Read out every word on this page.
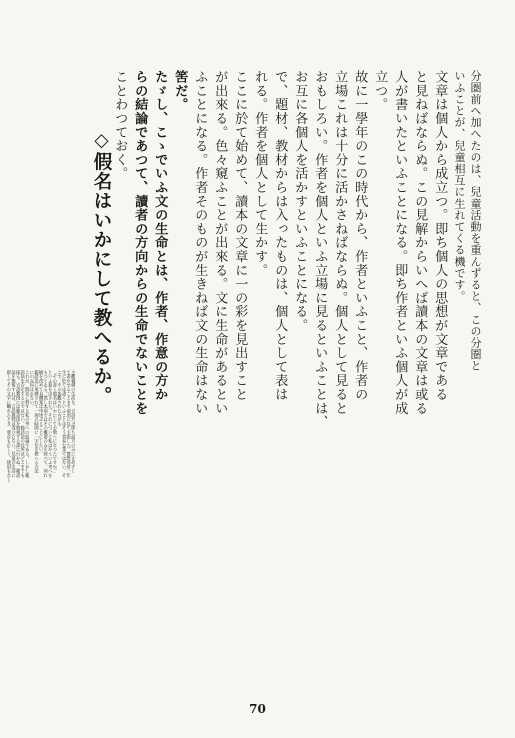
分圏前へ加へたのは、兒童活動を重んずると、この分圏と
いふことが、兒童相互に生れてくる機です。
文章は個人から成立つ。即ち個人の思想が文章である
と見ねばならぬ。この見解からいへば讀本の文章は或る
人が書いたといふことになる。即ち作者といふ個人が成
立つ。
故に一學年のこの時代から、作者といふこと、作者の
立場これは十分に活かさねばならぬ。個人として見ると
おもしろい。作者を個人といふ立場に見るといふことは、
お互に各個人を活かすといふことになる。
で、題材、教材からは入ったものは、個人として表は
れる。作者を個人として生かす。
ここに於て始めて、讀本の文章に一の彩を見出すこと
が出來る。色々窺ふことが出來る。文に生命があるとい
ふことになる。作者そのものが生きねば文の生命はない
筈だ。
たゞし、こゝでいふ文の生命とは、作者、作意の方か
らの結論であつて、讀者の方向からの生命でないことを
ことわつておく。
◇假名はいかにして教へるか。
70
主觀獨創の生活を、言語だけ即ち話方のみに止めずし
て書かせることまで前項に以て主張した。實際尋常一年
生に於ては書くといふことはそう容易な業ではない。そ
こで、その参觀された方がも
「その書く假名はいかにしてお敎へになつたですか。」
といふ氣を出された。それについて私はかういふ考へを
もつてゐる。然し本項ではその概要のみを叙べて、何れ
稿を改めて具體案は申述ぶることにしたい。
範語法に束縛されて一週の時間に一字位を敎へる方法
にのみ囚はれない。
これが、假名に對する私の考への結論である。しかし範
語法を否定するのではない。範語法の長所はどこまでも
採る。言語教授には範語法を無視する譯に行かぬ。範語
法を無視すれば、言語教授は成立たない。兒童の生活に
即してその文字に觸れたとき、發音も正しく、使用もなし
